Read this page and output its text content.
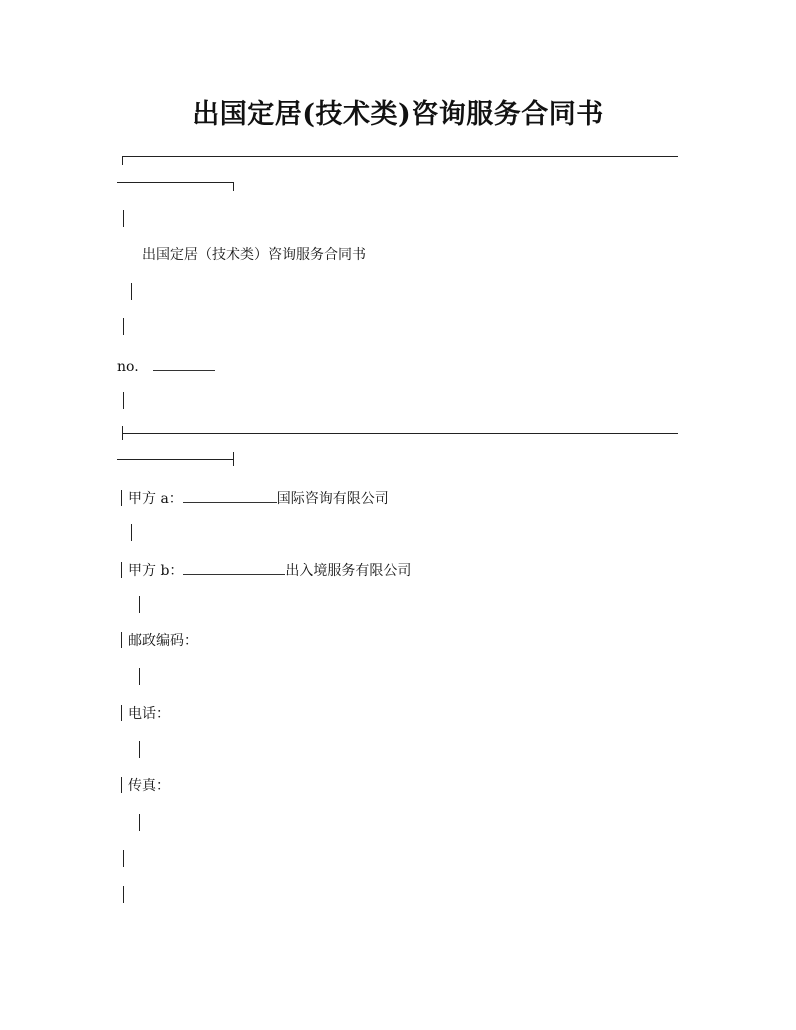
出国定居(技术类)咨询服务合同书
出国定居（技术类）咨询服务合同书
no.
甲方 a：	国际咨询有限公司
甲方 b：	出入境服务有限公司
邮政编码：
电话：
传真：
